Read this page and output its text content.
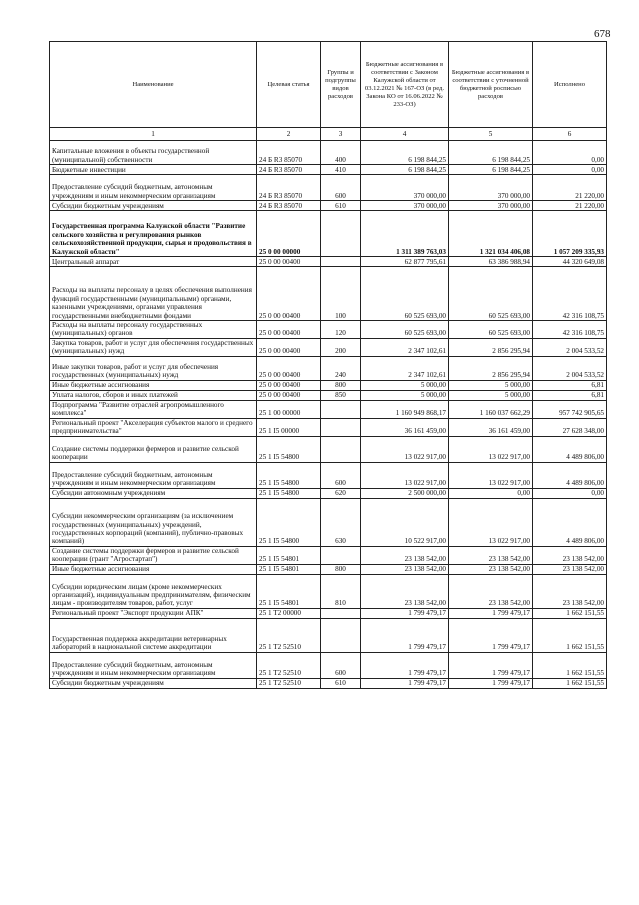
678
Наименование	Целевая статья	Группы и подгруппы видов расходов	Бюджетные ассигнования в соответствии с Законом Калужской области от 03.12.2021 № 167-ОЗ (в ред. Закона КО от 16.06.2022 № 233-ОЗ)	Бюджетные ассигнования в соответствии с уточненной бюджетной росписью расходов	Исполнено
1	2	3	4	5	6
Капитальные вложения в объекты государственной (муниципальной) собственности	24 Б R3 85070	400	6 198 844,25	6 198 844,25	0,00
Бюджетные инвестиции	24 Б R3 85070	410	6 198 844,25	6 198 844,25	0,00
Предоставление субсидий бюджетным, автономным учреждениям и иным некоммерческим организациям	24 Б R3 85070	600	370 000,00	370 000,00	21 220,00
Субсидии бюджетным учреждениям	24 Б R3 85070	610	370 000,00	370 000,00	21 220,00
Государственная программа Калужской области "Развитие сельского хозяйства и регулирования рынков сельскохозяйственной продукции, сырья и продовольствия в Калужской области"	25 0 00 00000		1 311 389 763,03	1 321 034 406,08	1 057 209 335,93
Центральный аппарат	25 0 00 00400		62 877 795,61	63 386 988,94	44 320 649,08
Расходы на выплаты персоналу в целях обеспечения выполнения функций государственными (муниципальными) органами, казенными учреждениями, органами управления государственными внебюджетными фондами	25 0 00 00400	100	60 525 693,00	60 525 693,00	42 316 108,75
Расходы на выплаты персоналу государственных (муниципальных) органов	25 0 00 00400	120	60 525 693,00	60 525 693,00	42 316 108,75
Закупка товаров, работ и услуг для обеспечения государственных (муниципальных) нужд	25 0 00 00400	200	2 347 102,61	2 856 295,94	2 004 533,52
Иные закупки товаров, работ и услуг для обеспечения государственных (муниципальных) нужд	25 0 00 00400	240	2 347 102,61	2 856 295,94	2 004 533,52
Иные бюджетные ассигнования	25 0 00 00400	800	5 000,00	5 000,00	6,81
Уплата налогов, сборов и иных платежей	25 0 00 00400	850	5 000,00	5 000,00	6,81
Подпрограмма "Развитие отраслей агропромышленного комплекса"	25 1 00 00000		1 160 949 868,17	1 160 037 662,29	957 742 905,65
Региональный проект "Акселерация субъектов малого и среднего предпринимательства"	25 1 I5 00000		36 161 459,00	36 161 459,00	27 628 348,00
Создание системы поддержки фермеров и развитие сельской кооперации	25 1 I5 54800		13 022 917,00	13 022 917,00	4 489 806,00
Предоставление субсидий бюджетным, автономным учреждениям и иным некоммерческим организациям	25 1 I5 54800	600	13 022 917,00	13 022 917,00	4 489 806,00
Субсидии автономным учреждениям	25 1 I5 54800	620	2 500 000,00	0,00	0,00
Субсидии некоммерческим организациям (за исключением государственных (муниципальных) учреждений, государственных корпораций (компаний), публично-правовых компаний)	25 1 I5 54800	630	10 522 917,00	13 022 917,00	4 489 806,00
Создание системы поддержки фермеров и развитие сельской кооперации (грант "Агростартап")	25 1 I5 54801		23 138 542,00	23 138 542,00	23 138 542,00
Иные бюджетные ассигнования	25 1 I5 54801	800	23 138 542,00	23 138 542,00	23 138 542,00
Субсидии юридическим лицам (кроме некоммерческих организаций), индивидуальным предпринимателям, физическим лицам - производителям товаров, работ, услуг	25 1 I5 54801	810	23 138 542,00	23 138 542,00	23 138 542,00
Региональный проект "Экспорт продукции АПК"	25 1 T2 00000		1 799 479,17	1 799 479,17	1 662 151,55
Государственная поддержка аккредитации ветеринарных лабораторий в национальной системе аккредитации	25 1 T2 52510		1 799 479,17	1 799 479,17	1 662 151,55
Предоставление субсидий бюджетным, автономным учреждениям и иным некоммерческим организациям	25 1 T2 52510	600	1 799 479,17	1 799 479,17	1 662 151,55
Субсидии бюджетным учреждениям	25 1 T2 52510	610	1 799 479,17	1 799 479,17	1 662 151,55
